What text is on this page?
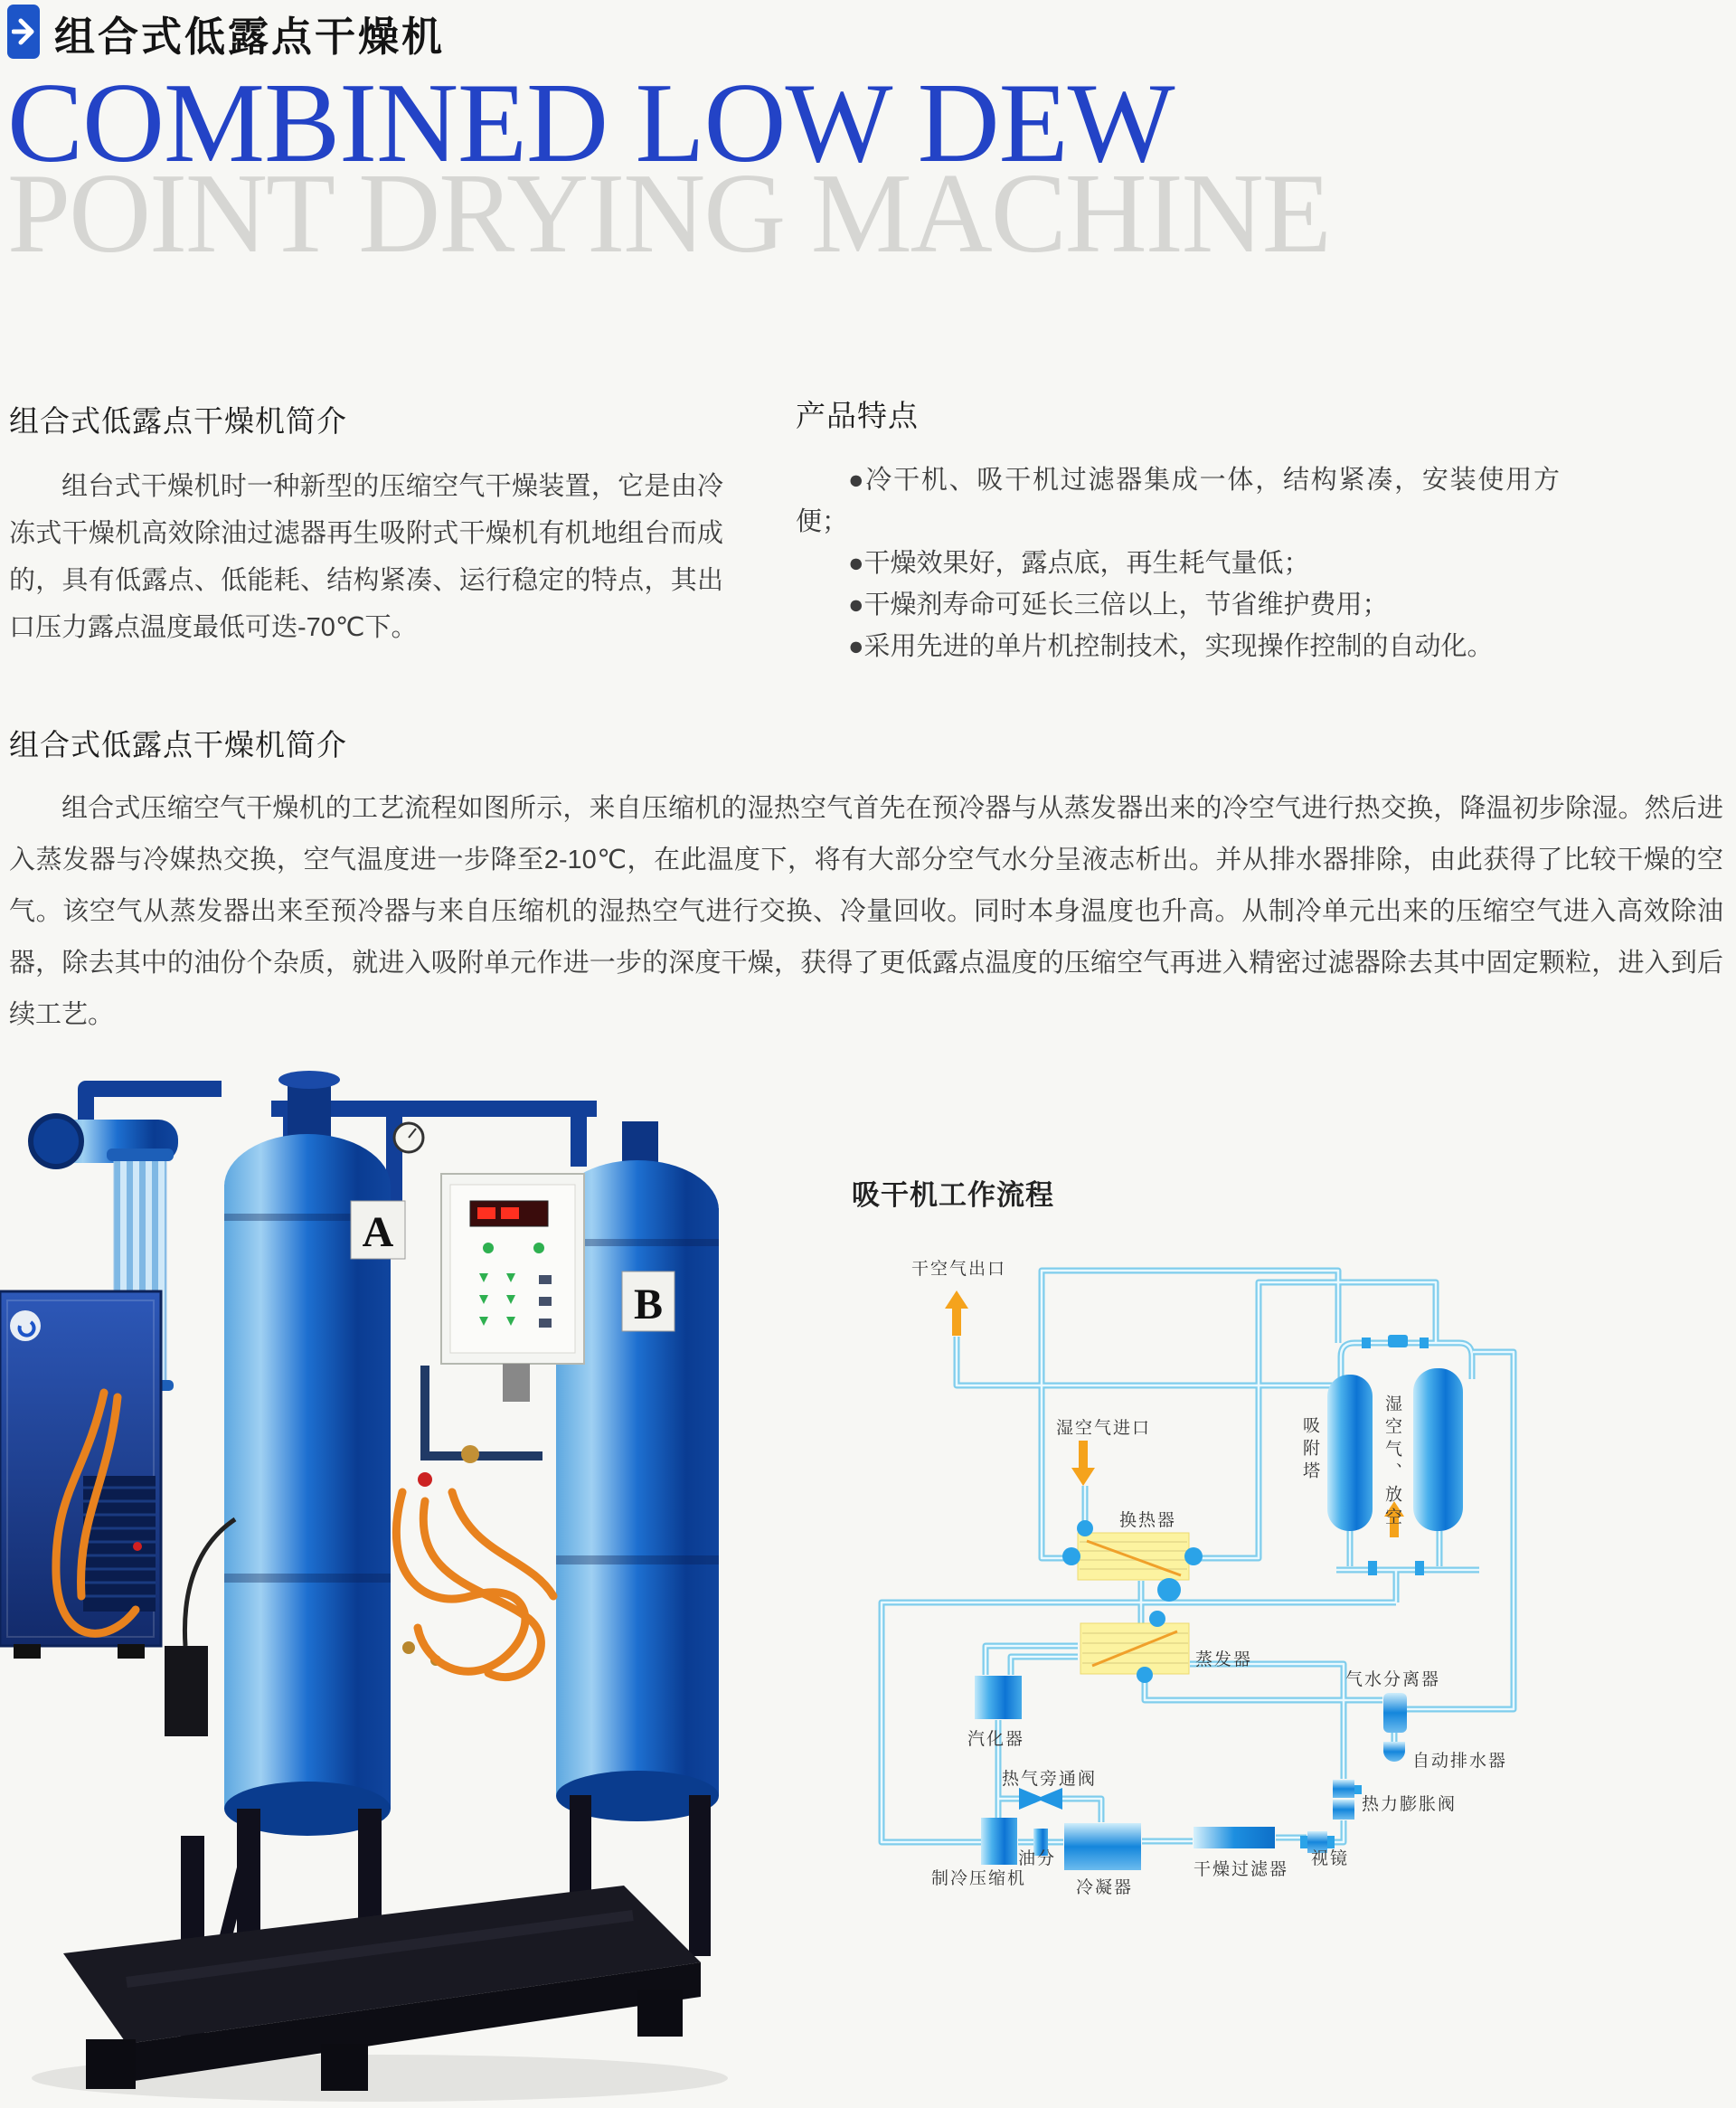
组合式低露点干燥机
COMBINED LOW DEW
POINT DRYING MACHINE
组合式低露点干燥机简介
组台式干燥机时一种新型的压缩空气干燥装置，它是由冷冻式干燥机高效除油过滤器再生吸附式干燥机有机地组台而成的，具有低露点、低能耗、结构紧凑、运行稳定的特点，其出口压力露点温度最低可迭-70℃下。
产品特点

●冷干机、吸干机过滤器集成一体，结构紧凑，安装使用方便；

●干燥效果好，露点底，再生耗气量低；

●干燥剂寿命可延长三倍以上，节省维护费用；

●采用先进的单片机控制技术，实现操作控制的自动化。

组合式低露点干燥机简介
组合式压缩空气干燥机的工艺流程如图所示，来自压缩机的湿热空气首先在预冷器与从蒸发器出来的冷空气进行热交换，降温初步除湿。然后进入蒸发器与冷媒热交换，空气温度进一步降至2-10℃，在此温度下，将有大部分空气水分呈液志析出。并从排水器排除，由此获得了比较干燥的空气。该空气从蒸发器出来至预冷器与来自压缩机的湿热空气进行交换、冷量回收。同时本身温度也升高。从制冷单元出来的压缩空气进入高效除油器，除去其中的油份个杂质，就进入吸附单元作进一步的深度干燥，获得了更低露点温度的压缩空气再进入精密过滤器除去其中固定颗粒，进入到后续工艺。
A
B
吸干机工作流程
干空气出口
湿空气进口
换热器
蒸发器
汽化器
热气旁通阀
吸附塔	湿空气、放空
气水分离器
自动排水器
热力膨胀阀
视镜
干燥过滤器
冷凝器
油分
制冷压缩机
